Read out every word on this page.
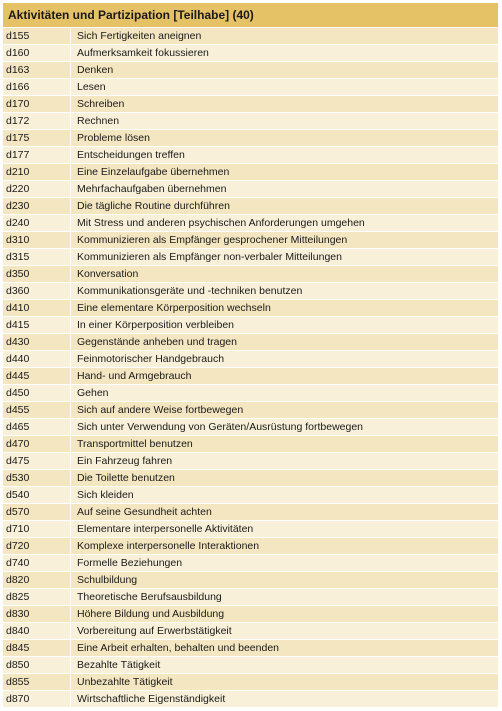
Aktivitäten und Partizipation [Teilhabe] (40)
d155	Sich Fertigkeiten aneignen
d160	Aufmerksamkeit fokussieren
d163	Denken
d166	Lesen
d170	Schreiben
d172	Rechnen
d175	Probleme lösen
d177	Entscheidungen treffen
d210	Eine Einzelaufgabe übernehmen
d220	Mehrfachaufgaben übernehmen
d230	Die tägliche Routine durchführen
d240	Mit Stress und anderen psychischen Anforderungen umgehen
d310	Kommunizieren als Empfänger gesprochener Mitteilungen
d315	Kommunizieren als Empfänger non-verbaler Mitteilungen
d350	Konversation
d360	Kommunikationsgeräte und -techniken benutzen
d410	Eine elementare Körperposition wechseln
d415	In einer Körperposition verbleiben
d430	Gegenstände anheben und tragen
d440	Feinmotorischer Handgebrauch
d445	Hand- und Armgebrauch
d450	Gehen
d455	Sich auf andere Weise fortbewegen
d465	Sich unter Verwendung von Geräten/Ausrüstung fortbewegen
d470	Transportmittel benutzen
d475	Ein Fahrzeug fahren
d530	Die Toilette benutzen
d540	Sich kleiden
d570	Auf seine Gesundheit achten
d710	Elementare interpersonelle Aktivitäten
d720	Komplexe interpersonelle Interaktionen
d740	Formelle Beziehungen
d820	Schulbildung
d825	Theoretische Berufsausbildung
d830	Höhere Bildung und Ausbildung
d840	Vorbereitung auf Erwerbstätigkeit
d845	Eine Arbeit erhalten, behalten und beenden
d850	Bezahlte Tätigkeit
d855	Unbezahlte Tätigkeit
d870	Wirtschaftliche Eigenständigkeit
